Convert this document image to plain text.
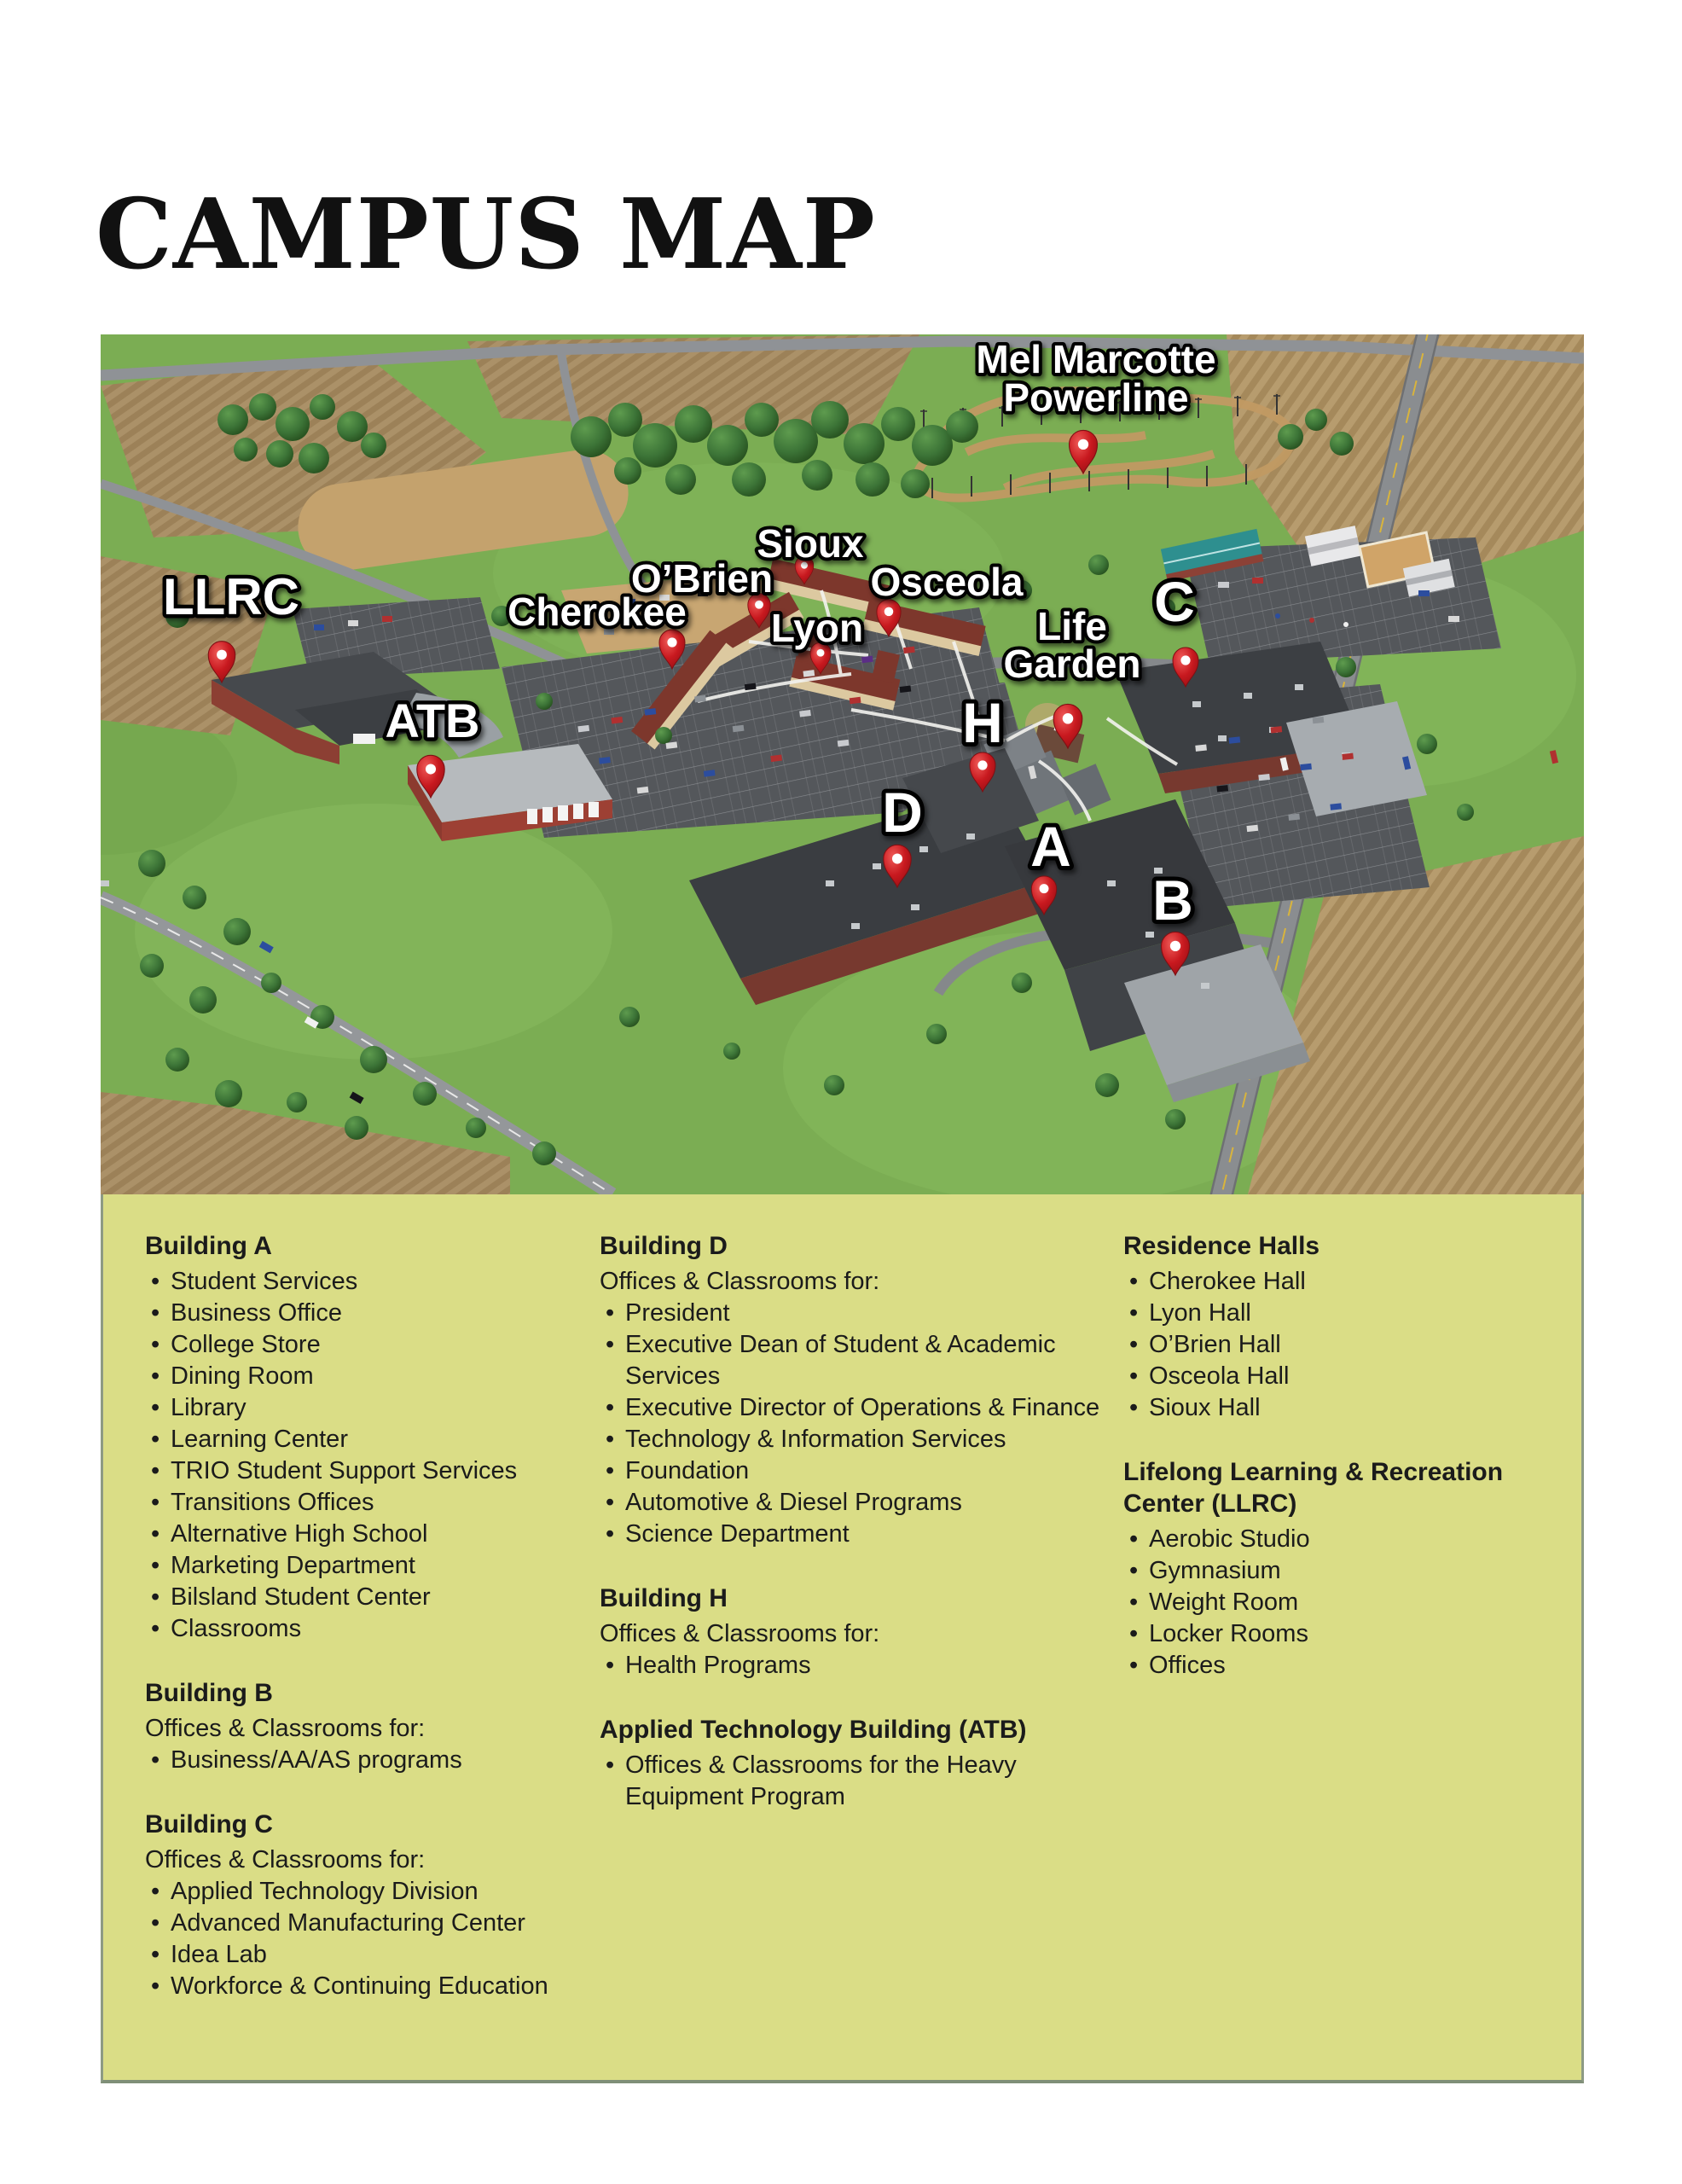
CAMPUS MAP
LLRC
ATB
Cherokee
O’Brien
Sioux
Lyon
Osceola
Mel Marcotte
Powerline
Life
Garden
C
H
D
A
B
Building A
• Student Services
• Business Office
• College Store
• Dining Room
• Library
• Learning Center
• TRIO Student Support Services
• Transitions Offices
• Alternative High School
• Marketing Department
• Bilsland Student Center
• Classrooms
Building B

Offices & Classrooms for:

• Business/AA/AS programs
Building C

Offices & Classrooms for:

• Applied Technology Division
• Advanced Manufacturing Center
• Idea Lab
• Workforce & Continuing Education
Building D

Offices & Classrooms for:

• President
• Executive Dean of Student & Academic Services
• Executive Director of Operations & Finance
• Technology & Information Services
• Foundation
• Automotive & Diesel Programs
• Science Department
Building H

Offices & Classrooms for:

• Health Programs
Applied Technology Building (ATB)
• Offices & Classrooms for the Heavy Equipment Program
Residence Halls
• Cherokee Hall
• Lyon Hall
• O’Brien Hall
• Osceola Hall
• Sioux Hall
Lifelong Learning & Recreation Center (LLRC)
• Aerobic Studio
• Gymnasium
• Weight Room
• Locker Rooms
• Offices
